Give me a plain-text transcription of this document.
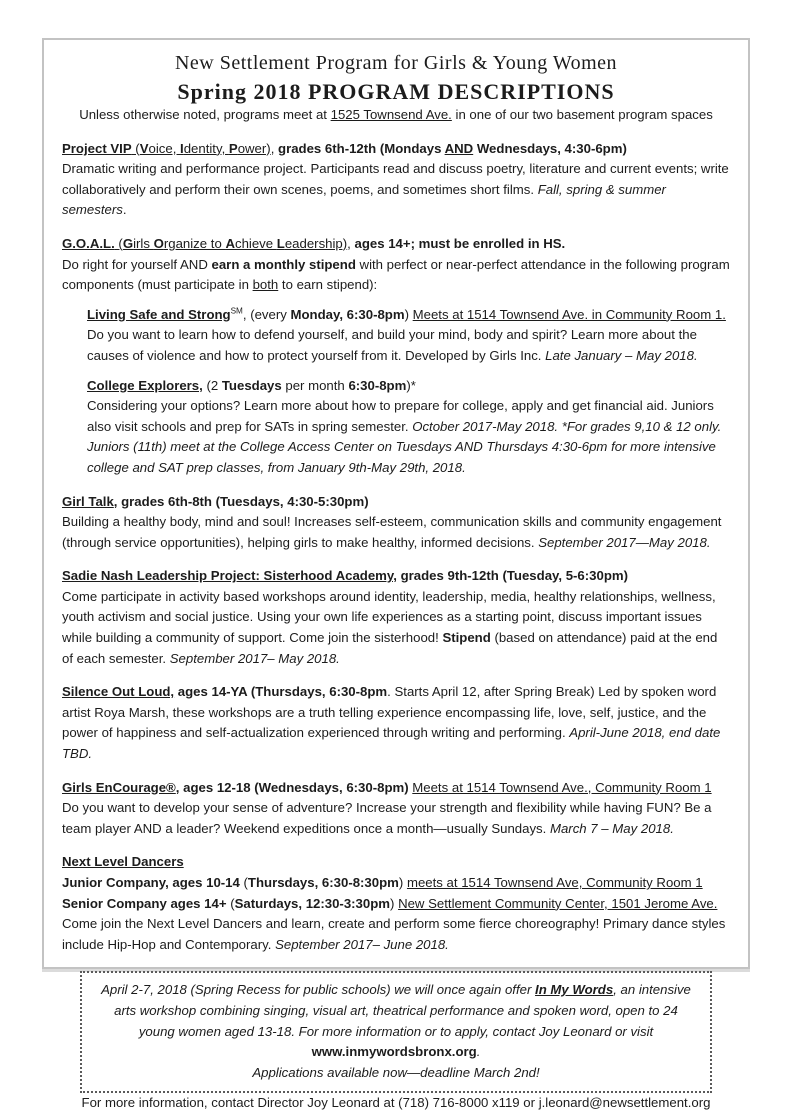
New Settlement Program for Girls & Young Women
Spring 2018 PROGRAM DESCRIPTIONS

Unless otherwise noted, programs meet at 1525 Townsend Ave. in one of our two basement program spaces

Project VIP (Voice, Identity, Power), grades 6th-12th (Mondays AND Wednesdays, 4:30-6pm)

Dramatic writing and performance project. Participants read and discuss poetry, literature and current events; write collaboratively and perform their own scenes, poems, and sometimes short films. Fall, spring & summer semesters.

G.O.A.L. (Girls Organize to Achieve Leadership), ages 14+; must be enrolled in HS.

Do right for yourself AND earn a monthly stipend with perfect or near-perfect attendance in the following program components (must participate in both to earn stipend):

Living Safe and Strong℠, (every Monday, 6:30-8pm) Meets at 1514 Townsend Ave. in Community Room 1. Do you want to learn how to defend yourself, and build your mind, body and spirit? Learn more about the causes of violence and how to protect yourself from it. Developed by Girls Inc. Late January – May 2018.

College Explorers, (2 Tuesdays per month 6:30-8pm)*

Considering your options? Learn more about how to prepare for college, apply and get financial aid. Juniors also visit schools and prep for SATs in spring semester. October 2017-May 2018. *For grades 9,10 & 12 only. Juniors (11th) meet at the College Access Center on Tuesdays AND Thursdays 4:30-6pm for more intensive college and SAT prep classes, from January 9th-May 29th, 2018.

Girl Talk, grades 6th-8th (Tuesdays, 4:30-5:30pm)

Building a healthy body, mind and soul! Increases self-esteem, communication skills and community engagement (through service opportunities), helping girls to make healthy, informed decisions. September 2017—May 2018.

Sadie Nash Leadership Project: Sisterhood Academy, grades 9th-12th (Tuesday, 5-6:30pm)

Come participate in activity based workshops around identity, leadership, media, healthy relationships, wellness, youth activism and social justice. Using your own life experiences as a starting point, discuss important issues while building a community of support. Come join the sisterhood! Stipend (based on attendance) paid at the end of each semester. September 2017– May 2018.

Silence Out Loud, ages 14-YA (Thursdays, 6:30-8pm. Starts April 12, after Spring Break) Led by spoken word artist Roya Marsh, these workshops are a truth telling experience encompassing life, love, self, justice, and the power of happiness and self-actualization experienced through writing and performing. April-June 2018, end date TBD.

Girls EnCourage®, ages 12-18 (Wednesdays, 6:30-8pm) Meets at 1514 Townsend Ave., Community Room 1

Do you want to develop your sense of adventure? Increase your strength and flexibility while having FUN? Be a team player AND a leader? Weekend expeditions once a month—usually Sundays. March 7 – May 2018.

Next Level Dancers

Junior Company, ages 10-14 (Thursdays, 6:30-8:30pm) meets at 1514 Townsend Ave, Community Room 1

Senior Company ages 14+ (Saturdays, 12:30-3:30pm) New Settlement Community Center, 1501 Jerome Ave.

Come join the Next Level Dancers and learn, create and perform some fierce choreography! Primary dance styles include Hip-Hop and Contemporary. September 2017– June 2018.

April 2-7, 2018 (Spring Recess for public schools) we will once again offer In My Words, an intensive arts workshop combining singing, visual art, theatrical performance and spoken word, open to 24 young women aged 13-18. For more information or to apply, contact Joy Leonard or visit www.inmywordsbronx.org.

Applications available now—deadline March 2nd!

For more information, contact Director Joy Leonard at (718) 716-8000 x119 or j.leonard@newsettlement.org
